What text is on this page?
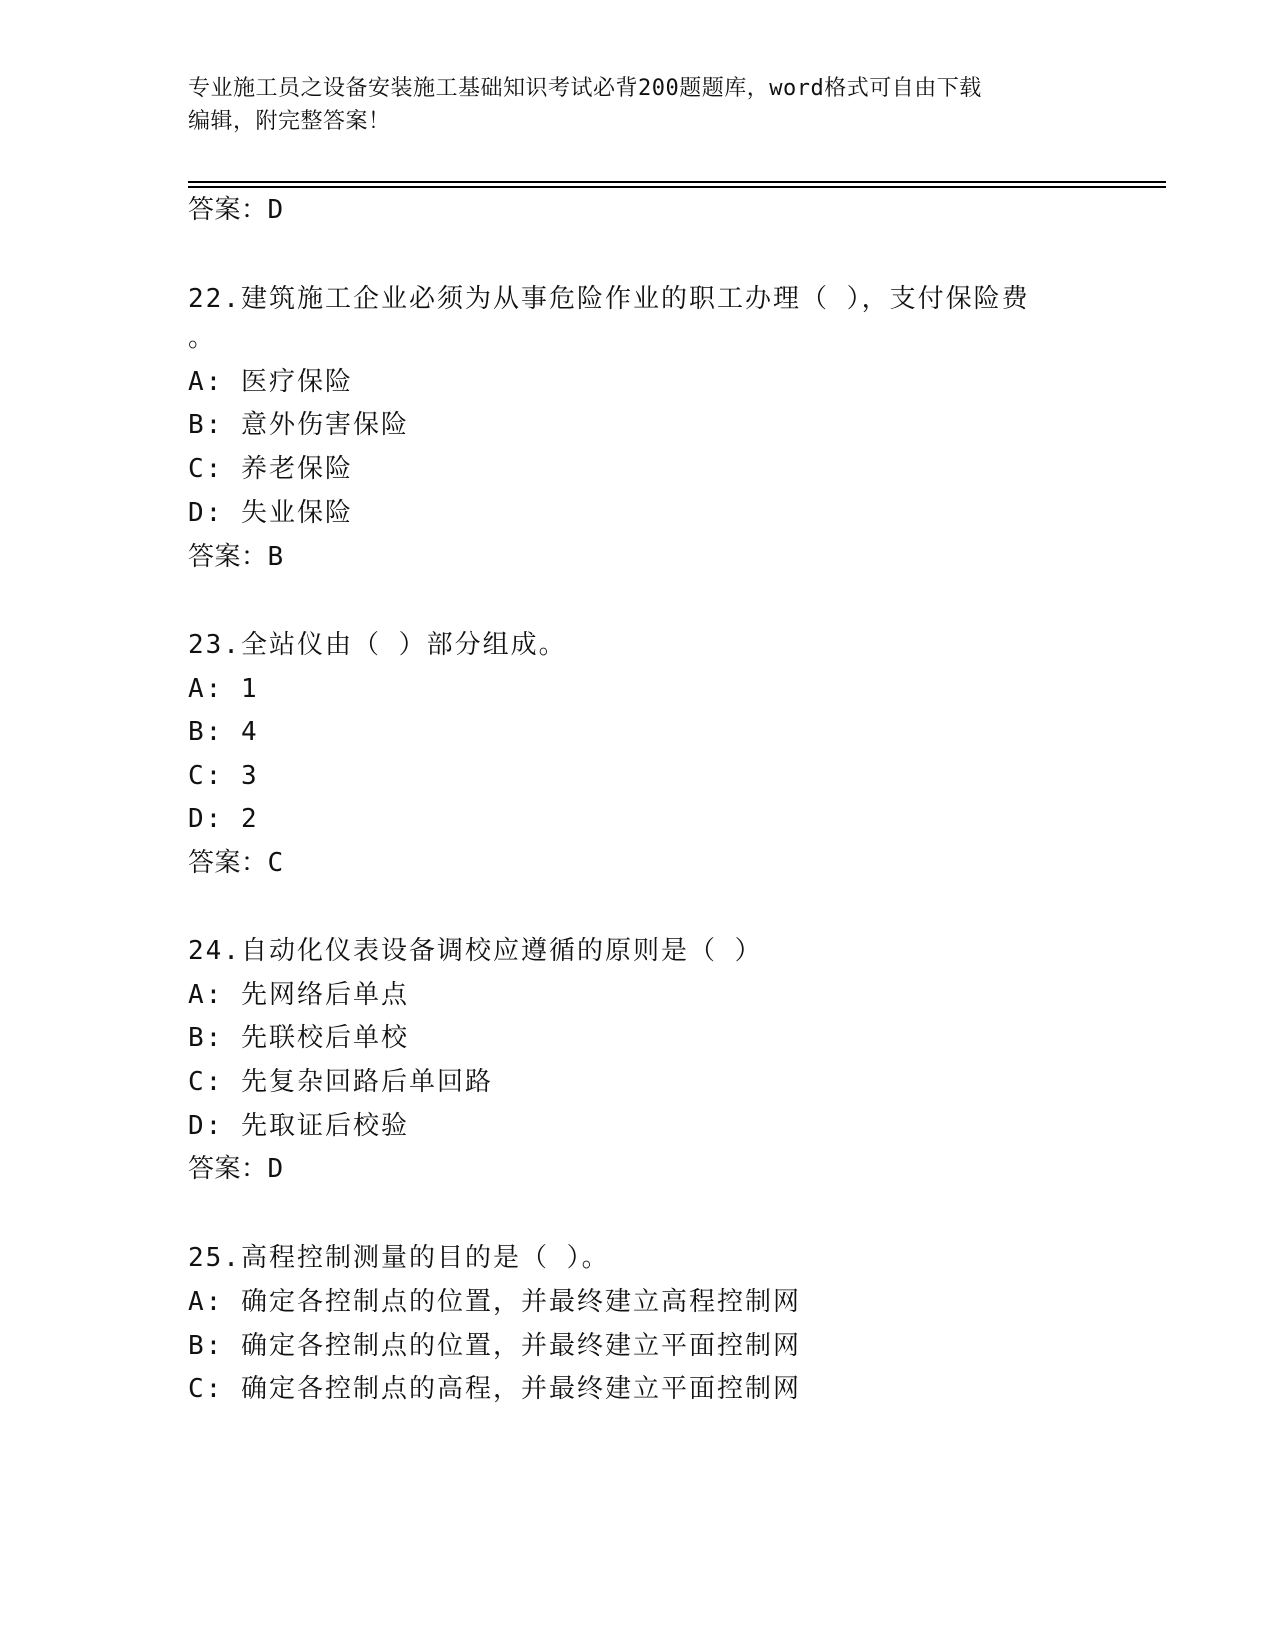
专业施工员之设备安装施工基础知识考试必背200题题库，word格式可自由下载
编辑，附完整答案！
答案：D
22.建筑施工企业必须为从事危险作业的职工办理（ ），支付保险费
。
A: 医疗保险
B: 意外伤害保险
C: 养老保险
D: 失业保险
答案：B
23.全站仪由（ ）部分组成。
A: 1
B: 4
C: 3
D: 2
答案：C
24.自动化仪表设备调校应遵循的原则是（ ）
A: 先网络后单点
B: 先联校后单校
C: 先复杂回路后单回路
D: 先取证后校验
答案：D
25.高程控制测量的目的是（ ）。
A: 确定各控制点的位置，并最终建立高程控制网
B: 确定各控制点的位置，并最终建立平面控制网
C: 确定各控制点的高程，并最终建立平面控制网
